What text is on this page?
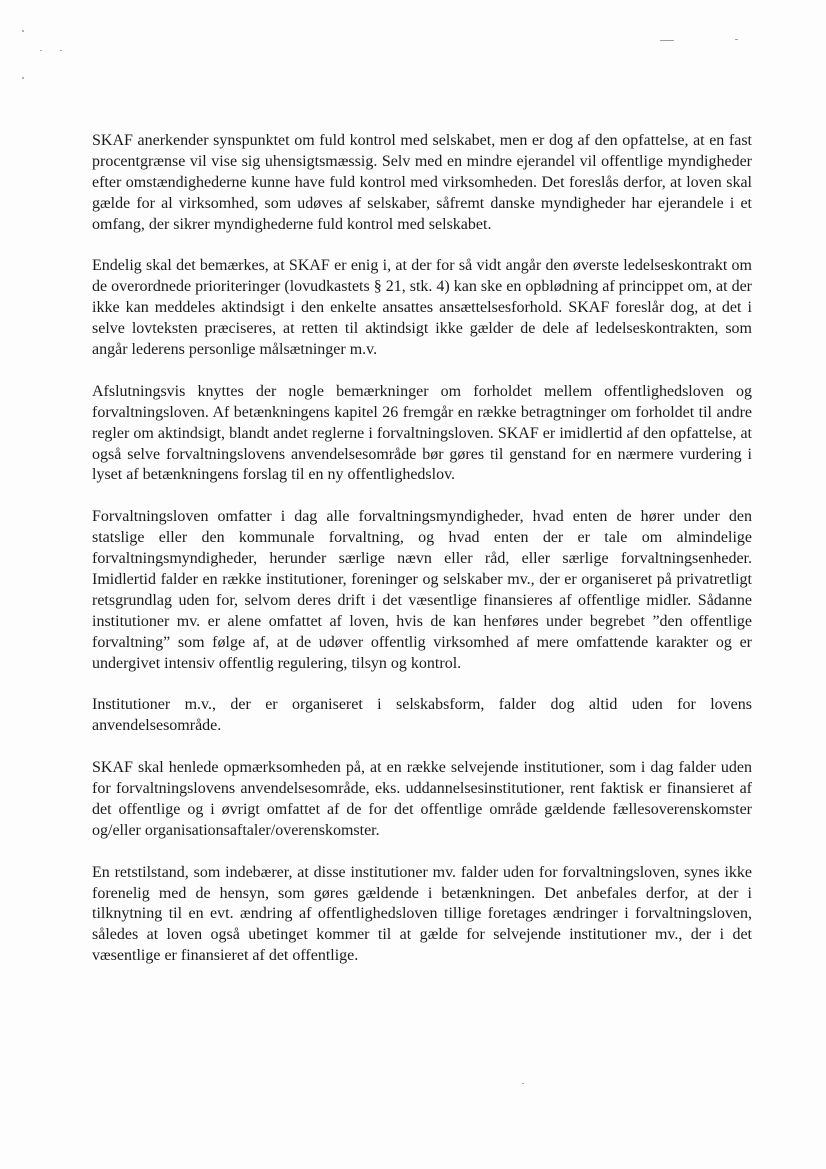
SKAF anerkender synspunktet om fuld kontrol med selskabet, men er dog af den opfattelse, at en fast procentgrænse vil vise sig uhensigtsmæssig. Selv med en mindre ejerandel vil offentlige myndigheder efter omstændighederne kunne have fuld kontrol med virksomheden. Det foreslås derfor, at loven skal gælde for al virksomhed, som udøves af selskaber, såfremt danske myndigheder har ejerandele i et omfang, der sikrer myndighederne fuld kontrol med selskabet.

Endelig skal det bemærkes, at SKAF er enig i, at der for så vidt angår den øverste ledelseskontrakt om de overordnede prioriteringer (lovudkastets § 21, stk. 4) kan ske en opblødning af princippet om, at der ikke kan meddeles aktindsigt i den enkelte ansattes ansættelsesforhold. SKAF foreslår dog, at det i selve lovteksten præciseres, at retten til aktindsigt ikke gælder de dele af ledelseskontrakten, som angår lederens personlige målsætninger m.v.

Afslutningsvis knyttes der nogle bemærkninger om forholdet mellem offentlighedsloven og forvaltningsloven. Af betænkningens kapitel 26 fremgår en række betragtninger om forholdet til andre regler om aktindsigt, blandt andet reglerne i forvaltningsloven. SKAF er imidlertid af den opfattelse, at også selve forvaltningslovens anvendelsesområde bør gøres til genstand for en nærmere vurdering i lyset af betænkningens forslag til en ny offentlighedslov.

Forvaltningsloven omfatter i dag alle forvaltningsmyndigheder, hvad enten de hører under den statslige eller den kommunale forvaltning, og hvad enten der er tale om almindelige forvaltningsmyndigheder, herunder særlige nævn eller råd, eller særlige forvaltningsenheder. Imidlertid falder en række institutioner, foreninger og selskaber mv., der er organiseret på privatretligt retsgrundlag uden for, selvom deres drift i det væsentlige finansieres af offentlige midler. Sådanne institutioner mv. er alene omfattet af loven, hvis de kan henføres under begrebet ”den offentlige forvaltning” som følge af, at de udøver offentlig virksomhed af mere omfattende karakter og er undergivet intensiv offentlig regulering, tilsyn og kontrol.

Institutioner m.v., der er organiseret i selskabsform, falder dog altid uden for lovens anvendelsesområde.

SKAF skal henlede opmærksomheden på, at en række selvejende institutioner, som i dag falder uden for forvaltningslovens anvendelsesområde, eks. uddannelsesinstitutioner, rent faktisk er finansieret af det offentlige og i øvrigt omfattet af de for det offentlige område gældende fællesoverenskomster og/eller organisationsaftaler/overenskomster.

En retstilstand, som indebærer, at disse institutioner mv. falder uden for forvaltningsloven, synes ikke forenelig med de hensyn, som gøres gældende i betænkningen. Det anbefales derfor, at der i tilknytning til en evt. ændring af offentlighedsloven tillige foretages ændringer i forvaltningsloven, således at loven også ubetinget kommer til at gælde for selvejende institutioner mv., der i det væsentlige er finansieret af det offentlige.
